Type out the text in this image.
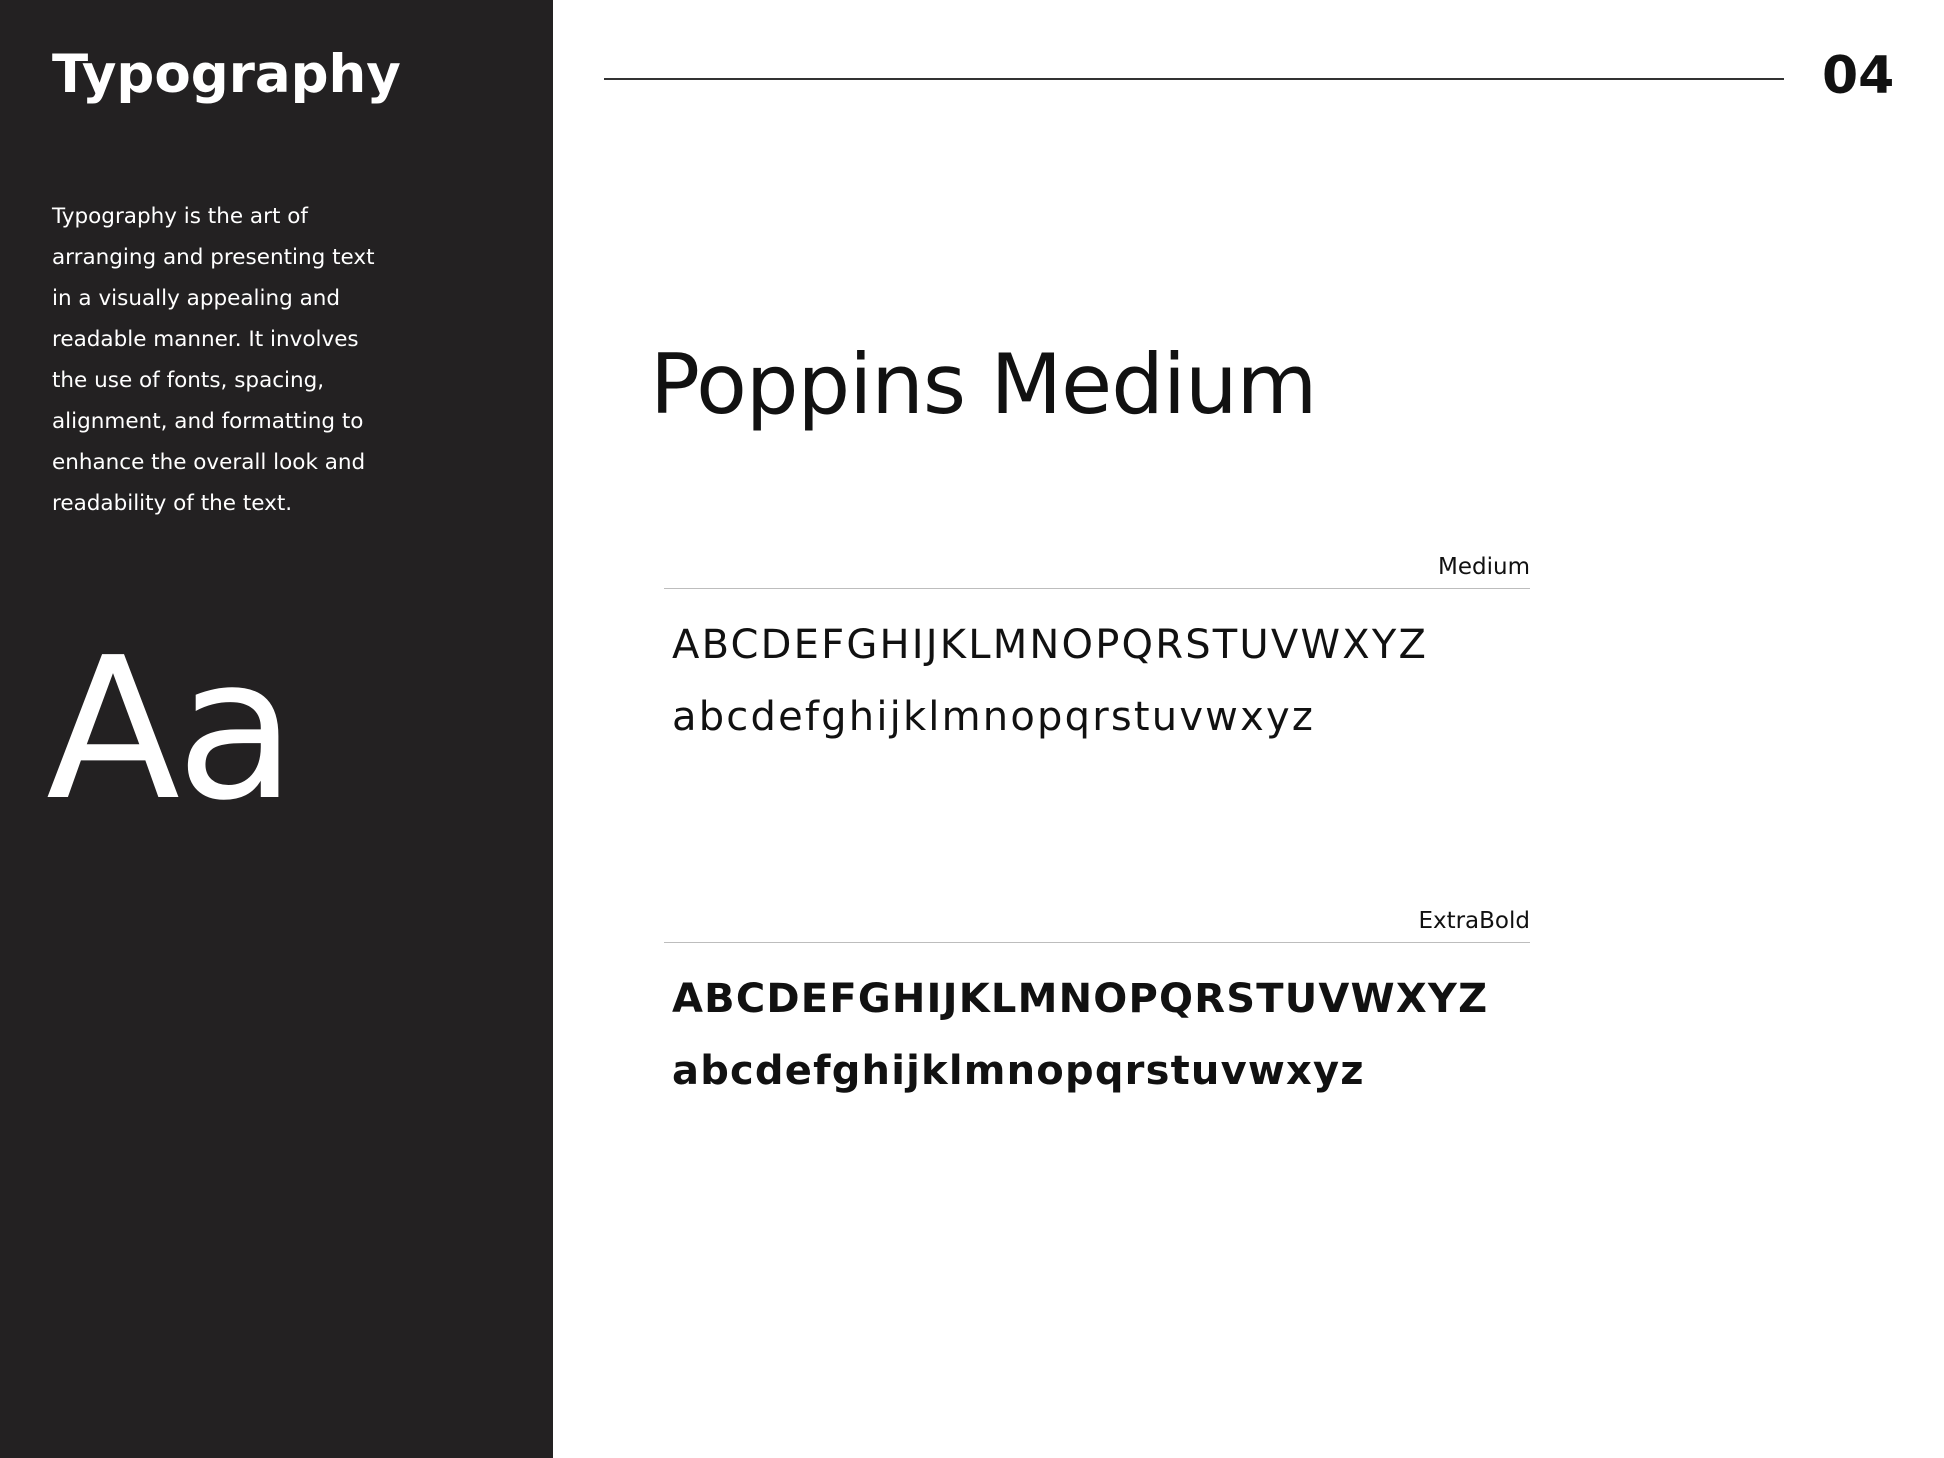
Typography

Typography is the art of
arranging and presenting text
in a visually appealing and
readable manner. It involves
the use of fonts, spacing,
alignment, and formatting to
enhance the overall look and
readability of the text.

Aa
04
Poppins Medium
Medium

ABCDEFGHIJKLMNOPQRSTUVWXYZ

abcdefghijklmnopqrstuvwxyz

ExtraBold

ABCDEFGHIJKLMNOPQRSTUVWXYZ

abcdefghijklmnopqrstuvwxyz
